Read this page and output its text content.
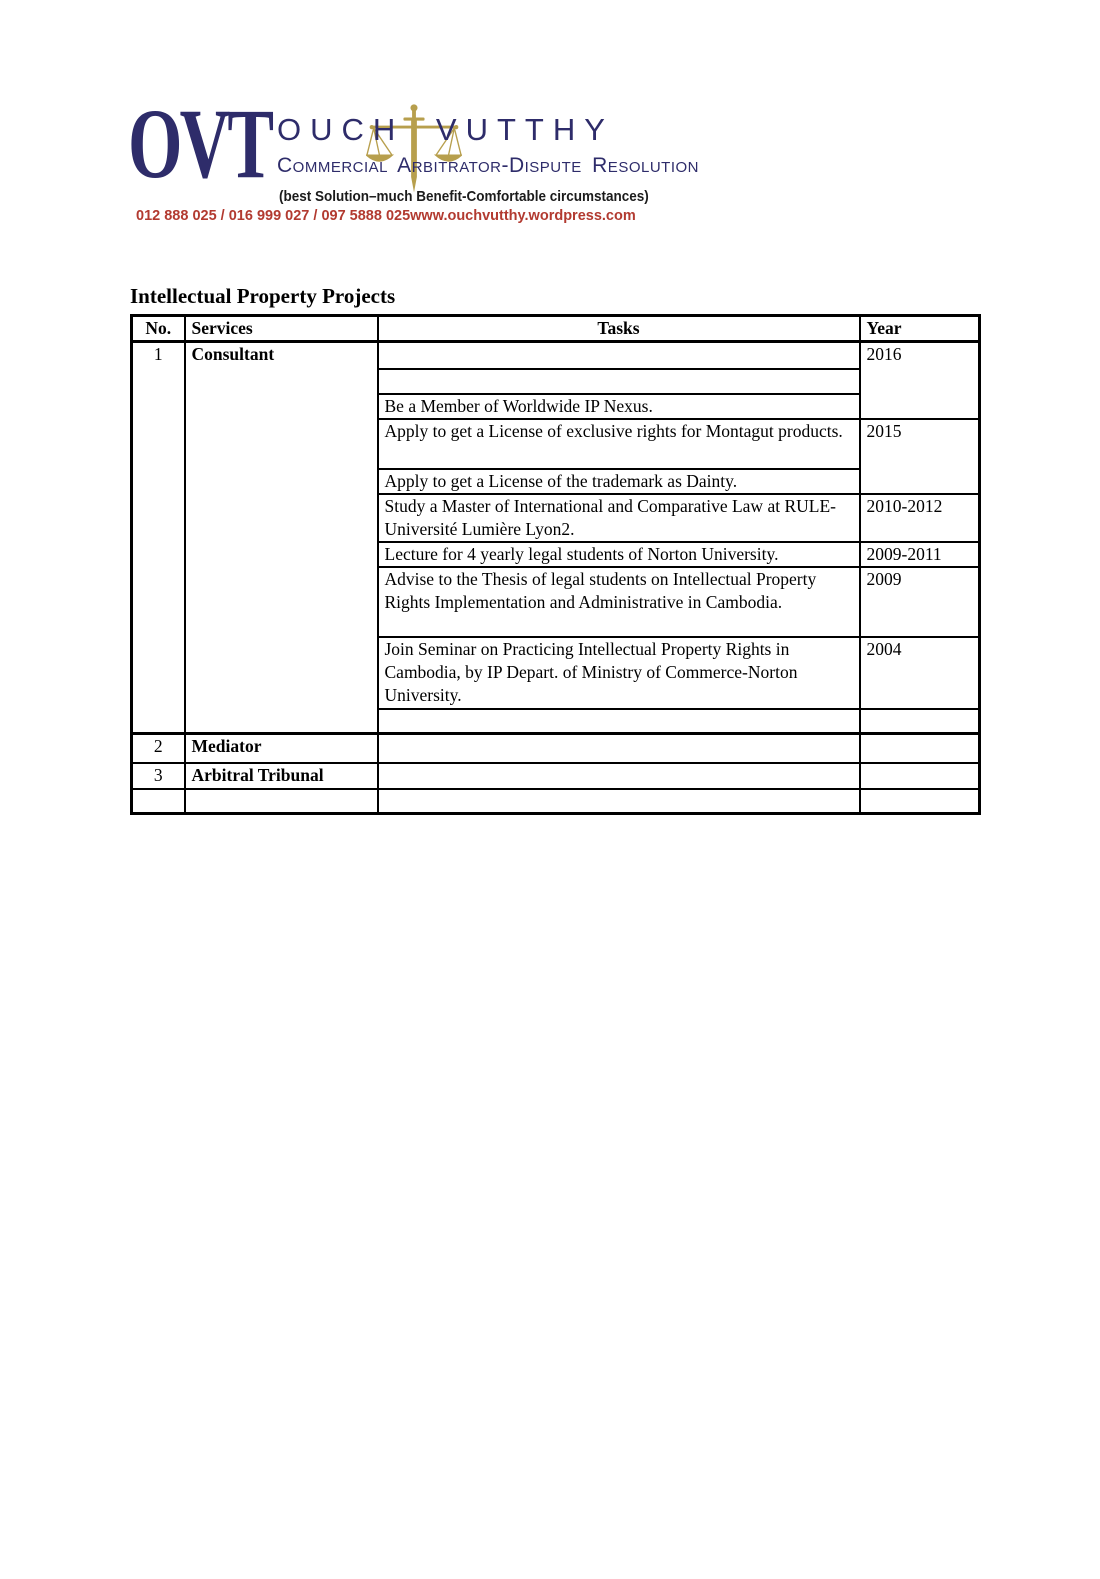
OVT OUCH VUTTHY
Commercial Arbitrator-Dispute Resolution
(best Solution–much Benefit-Comfortable circumstances)
012 888 025 / 016 999 027 / 097 5888 025 www.ouchvutthy.wordpress.com
Intellectual Property Projects
No.	Services	Tasks	Year
1	Consultant		2016

		Be a Member of Worldwide IP Nexus.	
		Apply to get a License of exclusive rights for Montagut products.	2015
		Apply to get a License of the trademark as Dainty.	
		Study a Master of International and Comparative Law at RULE-Université Lumière Lyon2.	2010-2012
		Lecture for 4 yearly legal students of Norton University.	2009-2011
		Advise to the Thesis of legal students on Intellectual Property Rights Implementation and Administrative in Cambodia.	2009
		Join Seminar on Practicing Intellectual Property Rights in Cambodia, by IP Depart. of Ministry of Commerce-Norton University.	2004

2	Mediator		
3	Arbitral Tribunal		
